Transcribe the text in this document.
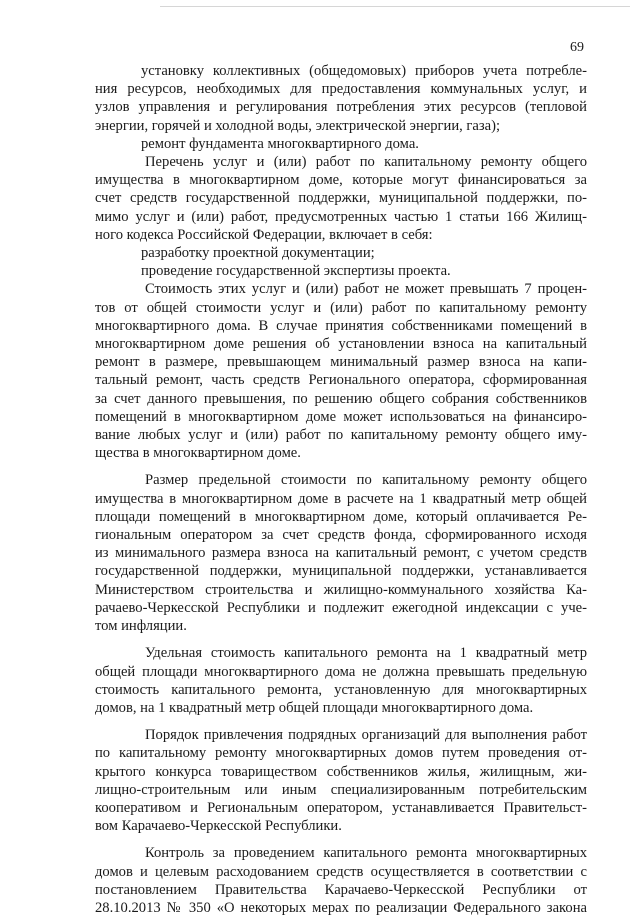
69
установку коллективных (общедомовых) приборов учета потребле-
ния ресурсов, необходимых для предоставления коммунальных услуг, и
узлов управления и регулирования потребления этих ресурсов (тепловой
энергии, горячей и холодной воды, электрической энергии, газа);
ремонт фундамента многоквартирного дома.
Перечень услуг и (или) работ по капитальному ремонту общего
имущества в многоквартирном доме, которые могут финансироваться за
счет средств государственной поддержки, муниципальной поддержки, по-
мимо услуг и (или) работ, предусмотренных частью 1 статьи 166 Жилищ-
ного кодекса Российской Федерации, включает в себя:
разработку проектной документации;
проведение государственной экспертизы проекта.
Стоимость этих услуг и (или) работ не может превышать 7 процен-
тов от общей стоимости услуг и (или) работ по капитальному ремонту
многоквартирного дома. В случае принятия собственниками помещений в
многоквартирном доме решения об установлении взноса на капитальный
ремонт в размере, превышающем минимальный размер взноса на капи-
тальный ремонт, часть средств Регионального оператора, сформированная
за счет данного превышения, по решению общего собрания собственников
помещений в многоквартирном доме может использоваться на финансиро-
вание любых услуг и (или) работ по капитальному ремонту общего иму-
щества в многоквартирном доме.
Размер предельной стоимости по капитальному ремонту общего
имущества в многоквартирном доме в расчете на 1 квадратный метр общей
площади помещений в многоквартирном доме, который оплачивается Ре-
гиональным оператором за счет средств фонда, сформированного исходя
из минимального размера взноса на капитальный ремонт, с учетом средств
государственной поддержки, муниципальной поддержки, устанавливается
Министерством строительства и жилищно-коммунального хозяйства Ка-
рачаево-Черкесской Республики и подлежит ежегодной индексации с уче-
том инфляции.
Удельная стоимость капитального ремонта на 1 квадратный метр
общей площади многоквартирного дома не должна превышать предельную
стоимость капитального ремонта, установленную для многоквартирных
домов, на 1 квадратный метр общей площади многоквартирного дома.
Порядок привлечения подрядных организаций для выполнения работ
по капитальному ремонту многоквартирных домов путем проведения от-
крытого конкурса товариществом собственников жилья, жилищным, жи-
лищно-строительным или иным специализированным потребительским
кооперативом и Региональным оператором, устанавливается Правительст-
вом Карачаево-Черкесской Республики.
Контроль за проведением капитального ремонта многоквартирных
домов и целевым расходованием средств осуществляется в соответствии с
постановлением Правительства Карачаево-Черкесской Республики от
28.10.2013 № 350 «О некоторых мерах по реализации Федерального закона
